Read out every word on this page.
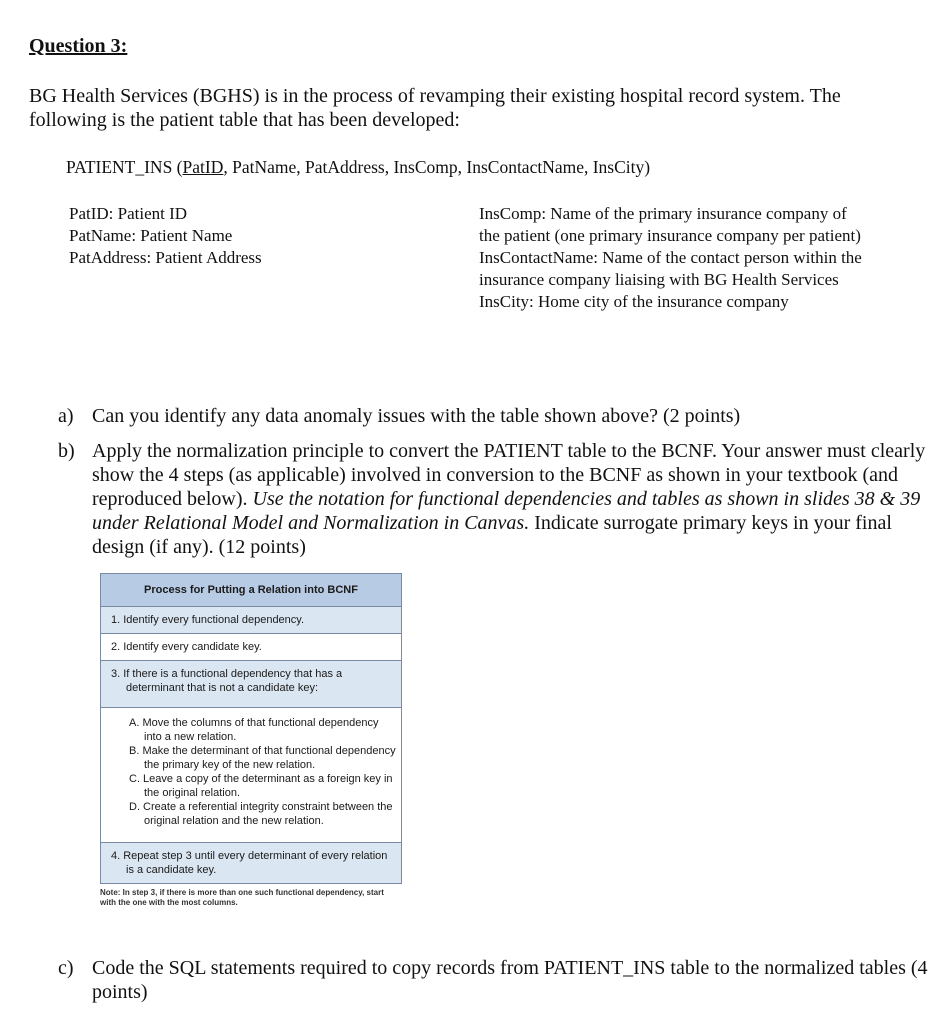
Question 3:
BG Health Services (BGHS) is in the process of revamping their existing hospital record system. The following is the patient table that has been developed:
PATIENT_INS (PatID, PatName, PatAddress, InsComp, InsContactName, InsCity)
PatID: Patient ID
PatName: Patient Name
PatAddress: Patient Address
InsComp: Name of the primary insurance company of the patient (one primary insurance company per patient)
InsContactName: Name of the contact person within the insurance company liaising with BG Health Services
InsCity: Home city of the insurance company
a) Can you identify any data anomaly issues with the table shown above? (2 points)
b) Apply the normalization principle to convert the PATIENT table to the BCNF. Your answer must clearly show the 4 steps (as applicable) involved in conversion to the BCNF as shown in your textbook (and reproduced below). Use the notation for functional dependencies and tables as shown in slides 38 & 39 under Relational Model and Normalization in Canvas. Indicate surrogate primary keys in your final design (if any). (12 points)
Process for Putting a Relation into BCNF
1. Identify every functional dependency.
2. Identify every candidate key.

3. If there is a functional dependency that has a determinant that is not a candidate key:

A. Move the columns of that functional dependency into a new relation.
B. Make the determinant of that functional dependency the primary key of the new relation.
C. Leave a copy of the determinant as a foreign key in the original relation.
D. Create a referential integrity constraint between the original relation and the new relation.

4. Repeat step 3 until every determinant of every relation is a candidate key.
Note: In step 3, if there is more than one such functional dependency, start with the one with the most columns.
c) Code the SQL statements required to copy records from PATIENT_INS table to the normalized tables (4 points)
